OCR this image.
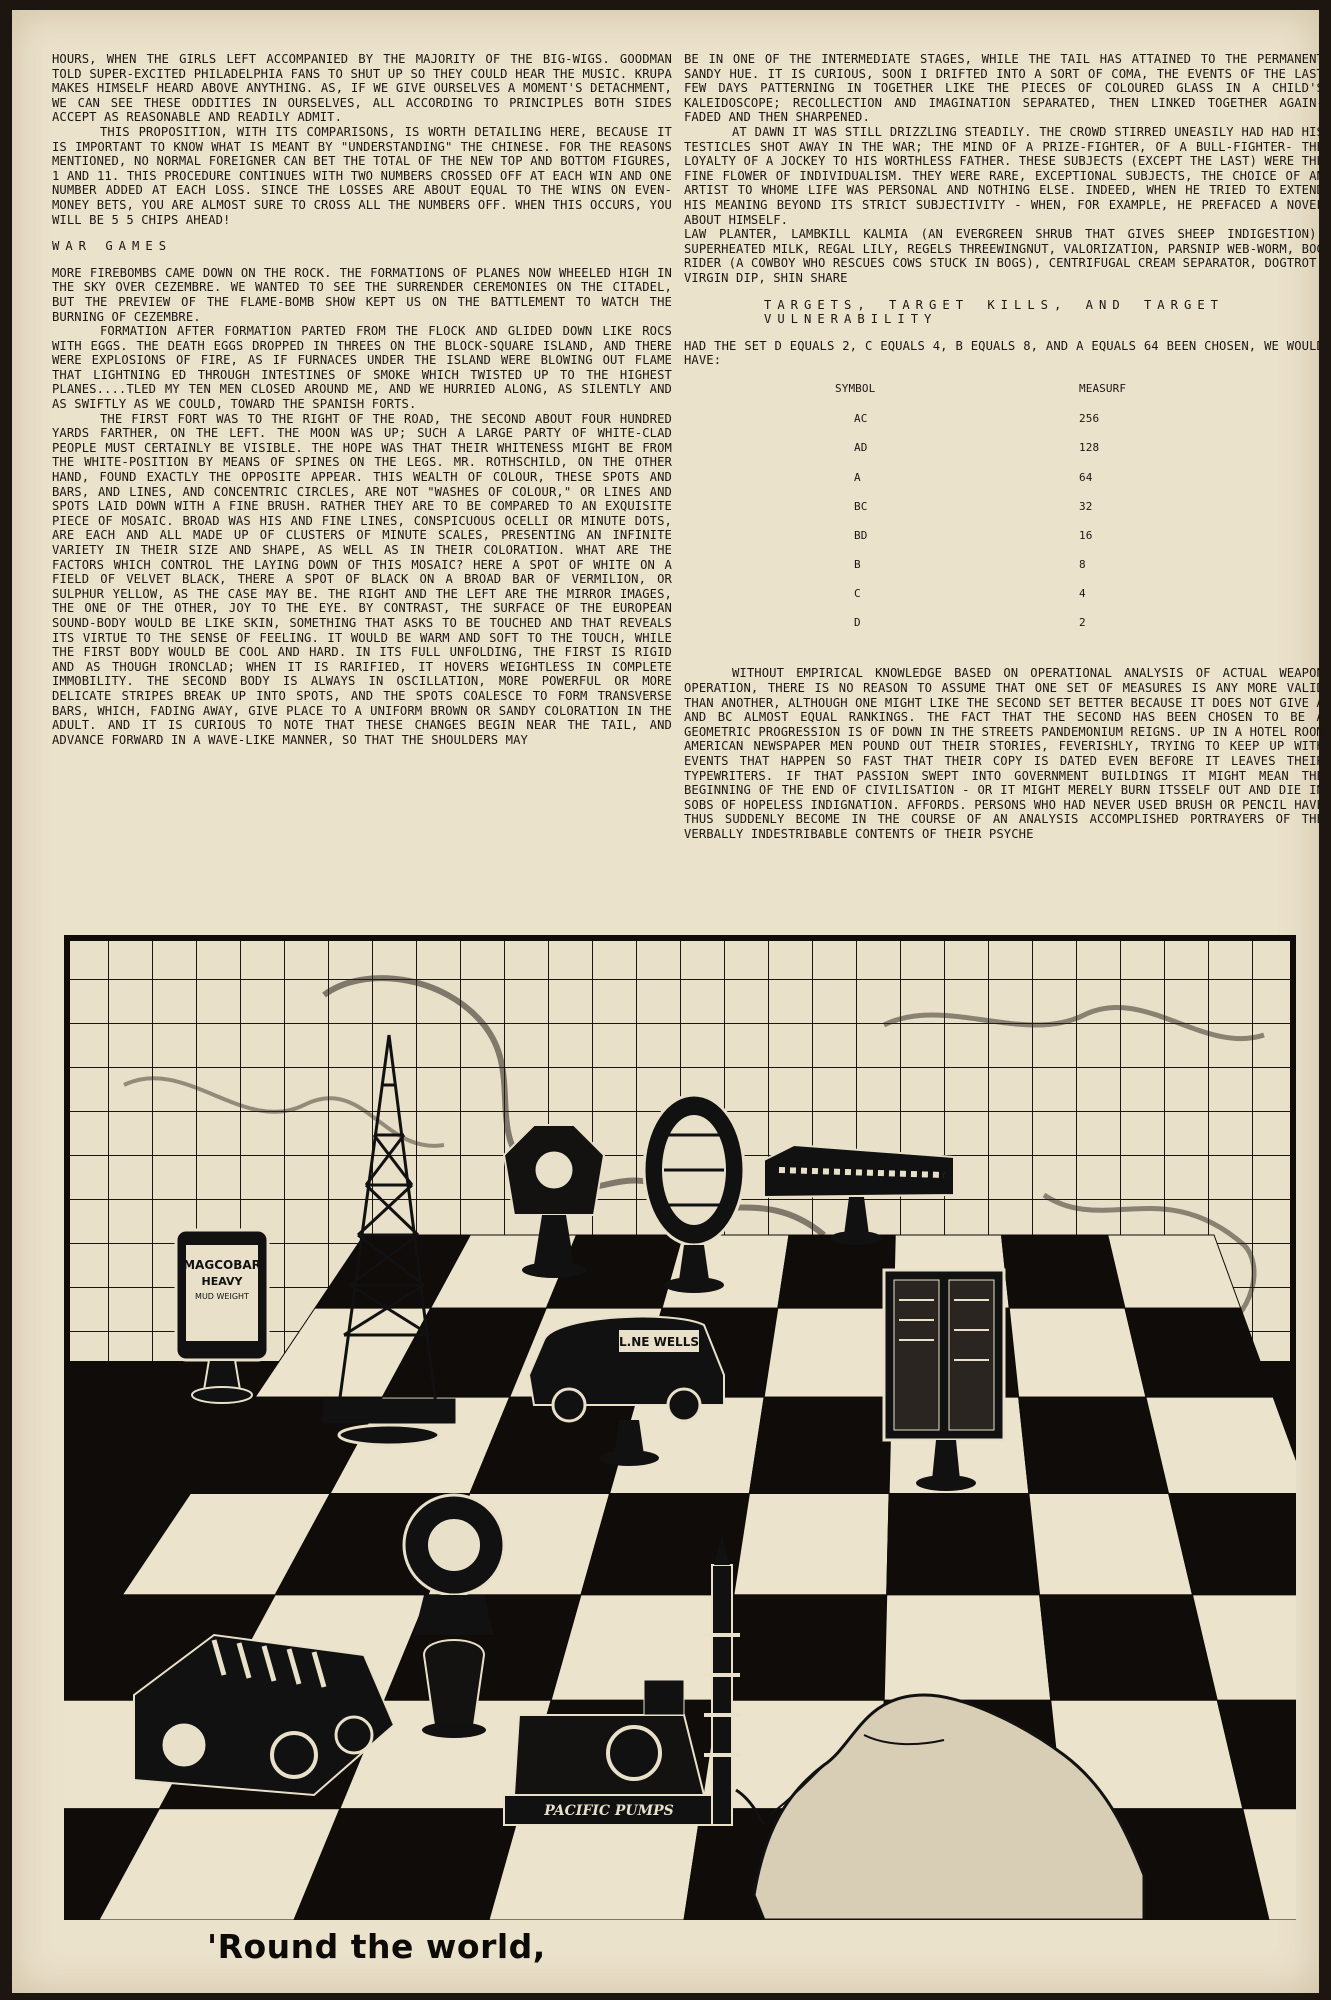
HOURS, WHEN THE GIRLS LEFT ACCOMPANIED BY THE MAJORITY OF THE BIG-WIGS. GOODMAN TOLD SUPER-EXCITED PHILADELPHIA FANS TO SHUT UP SO THEY COULD HEAR THE MUSIC. KRUPA MAKES HIMSELF HEARD ABOVE ANYTHING. AS, IF WE GIVE OURSELVES A MOMENT'S DETACHMENT, WE CAN SEE THESE ODDITIES IN OURSELVES, ALL ACCORDING TO PRINCIPLES BOTH SIDES ACCEPT AS REASONABLE AND READILY ADMIT.

THIS PROPOSITION, WITH ITS COMPARISONS, IS WORTH DETAILING HERE, BECAUSE IT IS IMPORTANT TO KNOW WHAT IS MEANT BY "UNDERSTANDING" THE CHINESE. FOR THE REASONS MENTIONED, NO NORMAL FOREIGNER CAN BET THE TOTAL OF THE NEW TOP AND BOTTOM FIGURES, 1 AND 11. THIS PROCEDURE CONTINUES WITH TWO NUMBERS CROSSED OFF AT EACH WIN AND ONE NUMBER ADDED AT EACH LOSS. SINCE THE LOSSES ARE ABOUT EQUAL TO THE WINS ON EVEN-MONEY BETS, YOU ARE ALMOST SURE TO CROSS ALL THE NUMBERS OFF. WHEN THIS OCCURS, YOU WILL BE 5 5 CHIPS AHEAD!

WAR GAMES

MORE FIREBOMBS CAME DOWN ON THE ROCK. THE FORMATIONS OF PLANES NOW WHEELED HIGH IN THE SKY OVER CEZEMBRE. WE WANTED TO SEE THE SURRENDER CEREMONIES ON THE CITADEL, BUT THE PREVIEW OF THE FLAME-BOMB SHOW KEPT US ON THE BATTLEMENT TO WATCH THE BURNING OF CEZEMBRE.

FORMATION AFTER FORMATION PARTED FROM THE FLOCK AND GLIDED DOWN LIKE ROCS WITH EGGS. THE DEATH EGGS DROPPED IN THREES ON THE BLOCK-SQUARE ISLAND, AND THERE WERE EXPLOSIONS OF FIRE, AS IF FURNACES UNDER THE ISLAND WERE BLOWING OUT FLAME THAT LIGHTNING ED THROUGH INTESTINES OF SMOKE WHICH TWISTED UP TO THE HIGHEST PLANES....TLED MY TEN MEN CLOSED AROUND ME, AND WE HURRIED ALONG, AS SILENTLY AND AS SWIFTLY AS WE COULD, TOWARD THE SPANISH FORTS.

THE FIRST FORT WAS TO THE RIGHT OF THE ROAD, THE SECOND ABOUT FOUR HUNDRED YARDS FARTHER, ON THE LEFT. THE MOON WAS UP; SUCH A LARGE PARTY OF WHITE-CLAD PEOPLE MUST CERTAINLY BE VISIBLE. THE HOPE WAS THAT THEIR WHITENESS MIGHT BE FROM THE WHITE-POSITION BY MEANS OF SPINES ON THE LEGS. MR. ROTHSCHILD, ON THE OTHER HAND, FOUND EXACTLY THE OPPOSITE APPEAR. THIS WEALTH OF COLOUR, THESE SPOTS AND BARS, AND LINES, AND CONCENTRIC CIRCLES, ARE NOT "WASHES OF COLOUR," OR LINES AND SPOTS LAID DOWN WITH A FINE BRUSH. RATHER THEY ARE TO BE COMPARED TO AN EXQUISITE PIECE OF MOSAIC. BROAD WAS HIS AND FINE LINES, CONSPICUOUS OCELLI OR MINUTE DOTS, ARE EACH AND ALL MADE UP OF CLUSTERS OF MINUTE SCALES, PRESENTING AN INFINITE VARIETY IN THEIR SIZE AND SHAPE, AS WELL AS IN THEIR COLORATION. WHAT ARE THE FACTORS WHICH CONTROL THE LAYING DOWN OF THIS MOSAIC? HERE A SPOT OF WHITE ON A FIELD OF VELVET BLACK, THERE A SPOT OF BLACK ON A BROAD BAR OF VERMILION, OR SULPHUR YELLOW, AS THE CASE MAY BE. THE RIGHT AND THE LEFT ARE THE MIRROR IMAGES, THE ONE OF THE OTHER, JOY TO THE EYE. BY CONTRAST, THE SURFACE OF THE EUROPEAN SOUND-BODY WOULD BE LIKE SKIN, SOMETHING THAT ASKS TO BE TOUCHED AND THAT REVEALS ITS VIRTUE TO THE SENSE OF FEELING. IT WOULD BE WARM AND SOFT TO THE TOUCH, WHILE THE FIRST BODY WOULD BE COOL AND HARD. IN ITS FULL UNFOLDING, THE FIRST IS RIGID AND AS THOUGH IRONCLAD; WHEN IT IS RARIFIED, IT HOVERS WEIGHTLESS IN COMPLETE IMMOBILITY. THE SECOND BODY IS ALWAYS IN OSCILLATION, MORE POWERFUL OR MORE DELICATE STRIPES BREAK UP INTO SPOTS, AND THE SPOTS COALESCE TO FORM TRANSVERSE BARS, WHICH, FADING AWAY, GIVE PLACE TO A UNIFORM BROWN OR SANDY COLORATION IN THE ADULT. AND IT IS CURIOUS TO NOTE THAT THESE CHANGES BEGIN NEAR THE TAIL, AND ADVANCE FORWARD IN A WAVE-LIKE MANNER, SO THAT THE SHOULDERS MAY

BE IN ONE OF THE INTERMEDIATE STAGES, WHILE THE TAIL HAS ATTAINED TO THE PERMANENT SANDY HUE. IT IS CURIOUS, SOON I DRIFTED INTO A SORT OF COMA, THE EVENTS OF THE LAST FEW DAYS PATTERNING IN TOGETHER LIKE THE PIECES OF COLOURED GLASS IN A CHILD'S KALEIDOSCOPE; RECOLLECTION AND IMAGINATION SEPARATED, THEN LINKED TOGETHER AGAIN- FADED AND THEN SHARPENED.

AT DAWN IT WAS STILL DRIZZLING STEADILY. THE CROWD STIRRED UNEASILY HAD HAD HIS TESTICLES SHOT AWAY IN THE WAR; THE MIND OF A PRIZE-FIGHTER, OF A BULL-FIGHTER- THE LOYALTY OF A JOCKEY TO HIS WORTHLESS FATHER. THESE SUBJECTS (EXCEPT THE LAST) WERE THE FINE FLOWER OF INDIVIDUALISM. THEY WERE RARE, EXCEPTIONAL SUBJECTS, THE CHOICE OF AN ARTIST TO WHOME LIFE WAS PERSONAL AND NOTHING ELSE. INDEED, WHEN HE TRIED TO EXTEND HIS MEANING BEYOND ITS STRICT SUBJECTIVITY - WHEN, FOR EXAMPLE, HE PREFACED A NOVEL ABOUT HIMSELF.

LAW PLANTER, LAMBKILL KALMIA (AN EVERGREEN SHRUB THAT GIVES SHEEP INDIGESTION), SUPERHEATED MILK, REGAL LILY, REGELS THREEWINGNUT, VALORIZATION, PARSNIP WEB-WORM, BOG RIDER (A COWBOY WHO RESCUES COWS STUCK IN BOGS), CENTRIFUGAL CREAM SEPARATOR, DOGTROT, VIRGIN DIP, SHIN SHARE

TARGETS, TARGET KILLS, AND TARGET VULNERABILITY

HAD THE SET D EQUALS 2, C EQUALS 4, B EQUALS 8, AND A EQUALS 64 BEEN CHOSEN, WE WOULD HAVE:

SYMBOL	MEASURF
AC	256
AD	128
A	64
BC	32
BD	16
B	8
C	4
D	2

WITHOUT EMPIRICAL KNOWLEDGE BASED ON OPERATIONAL ANALYSIS OF ACTUAL WEAPON OPERATION, THERE IS NO REASON TO ASSUME THAT ONE SET OF MEASURES IS ANY MORE VALID THAN ANOTHER, ALTHOUGH ONE MIGHT LIKE THE SECOND SET BETTER BECAUSE IT DOES NOT GIVE A AND BC ALMOST EQUAL RANKINGS. THE FACT THAT THE SECOND HAS BEEN CHOSEN TO BE A GEOMETRIC PROGRESSION IS OF DOWN IN THE STREETS PANDEMONIUM REIGNS. UP IN A HOTEL ROOM AMERICAN NEWSPAPER MEN POUND OUT THEIR STORIES, FEVERISHLY, TRYING TO KEEP UP WITH EVENTS THAT HAPPEN SO FAST THAT THEIR COPY IS DATED EVEN BEFORE IT LEAVES THEIR TYPEWRITERS. IF THAT PASSION SWEPT INTO GOVERNMENT BUILDINGS IT MIGHT MEAN THE BEGINNING OF THE END OF CIVILISATION - OR IT MIGHT MERELY BURN ITSSELF OUT AND DIE IN SOBS OF HOPELESS INDIGNATION. AFFORDS. PERSONS WHO HAD NEVER USED BRUSH OR PENCIL HAVE THUS SUDDENLY BECOME IN THE COURSE OF AN ANALYSIS ACCOMPLISHED PORTRAYERS OF THE VERBALLY INDESTRIBABLE CONTENTS OF THEIR PSYCHE

MAGCOBAR
HEAVY
MUD WEIGHT
L.NE WELLS
PACIFIC PUMPS
'Round the world,
